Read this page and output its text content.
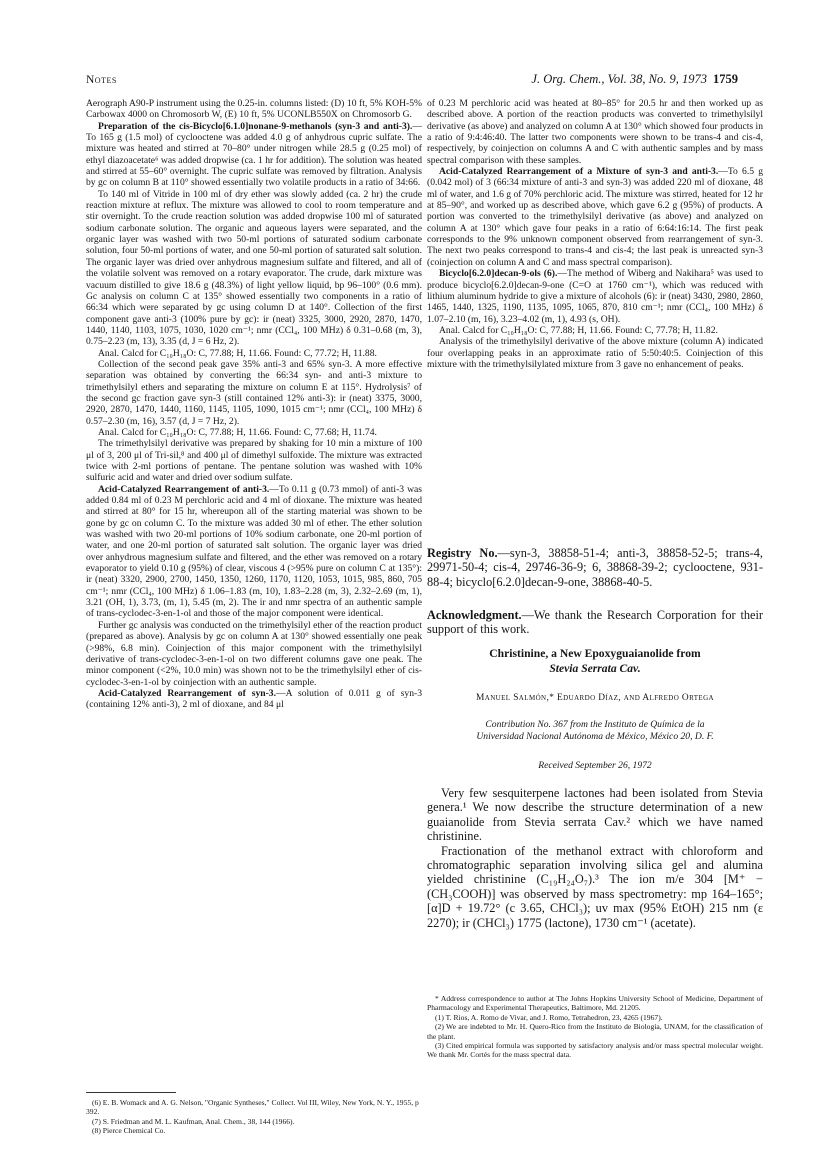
Notes	J. Org. Chem., Vol. 38, No. 9, 1973 1759

Aerograph A90-P instrument using the 0.25-in. columns listed: (D) 10 ft, 5% KOH-5% Carbowax 4000 on Chromosorb W, (E) 10 ft, 5% UCONLB550X on Chromosorb G.

Preparation of the cis-Bicyclo[6.1.0]nonane-9-methanols (syn-3 and anti-3).—To 165 g (1.5 mol) of cyclooctene was added 4.0 g of anhydrous cupric sulfate. The mixture was heated and stirred at 70–80° under nitrogen while 28.5 g (0.25 mol) of ethyl diazoacetate⁶ was added dropwise (ca. 1 hr for addition). The solution was heated and stirred at 55–60° overnight. The cupric sulfate was removed by filtration. Analysis by gc on column B at 110° showed essentially two volatile products in a ratio of 34:66.

To 140 ml of Vitride in 100 ml of dry ether was slowly added (ca. 2 hr) the crude reaction mixture at reflux. The mixture was allowed to cool to room temperature and stir overnight. To the crude reaction solution was added dropwise 100 ml of saturated sodium carbonate solution. The organic and aqueous layers were separated, and the organic layer was washed with two 50-ml portions of saturated sodium carbonate solution, four 50-ml portions of water, and one 50-ml portion of saturated salt solution. The organic layer was dried over anhydrous magnesium sulfate and filtered, and all of the volatile solvent was removed on a rotary evaporator. The crude, dark mixture was vacuum distilled to give 18.6 g (48.3%) of light yellow liquid, bp 96–100° (0.6 mm). Gc analysis on column C at 135° showed essentially two components in a ratio of 66:34 which were separated by gc using column D at 140°. Collection of the first component gave anti-3 (100% pure by gc): ir (neat) 3325, 3000, 2920, 2870, 1470, 1440, 1140, 1103, 1075, 1030, 1020 cm⁻¹; nmr (CCl₄, 100 MHz) δ 0.31–0.68 (m, 3), 0.75–2.23 (m, 13), 3.35 (d, J = 6 Hz, 2).

Anal. Calcd for C₁₀H₁₈O: C, 77.88; H, 11.66. Found: C, 77.72; H, 11.88.

Collection of the second peak gave 35% anti-3 and 65% syn-3. A more effective separation was obtained by converting the 66:34 syn- and anti-3 mixture to trimethylsilyl ethers and separating the mixture on column E at 115°. Hydrolysis⁷ of the second gc fraction gave syn-3 (still contained 12% anti-3): ir (neat) 3375, 3000, 2920, 2870, 1470, 1440, 1160, 1145, 1105, 1090, 1015 cm⁻¹; nmr (CCl₄, 100 MHz) δ 0.57–2.30 (m, 16), 3.57 (d, J = 7 Hz, 2).

Anal. Calcd for C₁₀H₁₈O: C, 77.88; H, 11.66. Found: C, 77.68; H, 11.74.

The trimethylsilyl derivative was prepared by shaking for 10 min a mixture of 100 μl of 3, 200 μl of Tri-sil,⁸ and 400 μl of dimethyl sulfoxide. The mixture was extracted twice with 2-ml portions of pentane. The pentane solution was washed with 10% sulfuric acid and water and dried over sodium sulfate.

Acid-Catalyzed Rearrangement of anti-3.—To 0.11 g (0.73 mmol) of anti-3 was added 0.84 ml of 0.23 M perchloric acid and 4 ml of dioxane. The mixture was heated and stirred at 80° for 15 hr, whereupon all of the starting material was shown to be gone by gc on column C. To the mixture was added 30 ml of ether. The ether solution was washed with two 20-ml portions of 10% sodium carbonate, one 20-ml portion of water, and one 20-ml portion of saturated salt solution. The organic layer was dried over anhydrous magnesium sulfate and filtered, and the ether was removed on a rotary evaporator to yield 0.10 g (95%) of clear, viscous 4 (>95% pure on column C at 135°): ir (neat) 3320, 2900, 2700, 1450, 1350, 1260, 1170, 1120, 1053, 1015, 985, 860, 705 cm⁻¹; nmr (CCl₄, 100 MHz) δ 1.06–1.83 (m, 10), 1.83–2.28 (m, 3), 2.32–2.69 (m, 1), 3.21 (OH, 1), 3.73, (m, 1), 5.45 (m, 2). The ir and nmr spectra of an authentic sample of trans-cyclodec-3-en-1-ol and those of the major component were identical.

Further gc analysis was conducted on the trimethylsilyl ether of the reaction product (prepared as above). Analysis by gc on column A at 130° showed essentially one peak (>98%, 6.8 min). Coinjection of this major component with the trimethylsilyl derivative of trans-cyclodec-3-en-1-ol on two different columns gave one peak. The minor component (<2%, 10.0 min) was shown not to be the trimethylsilyl ether of cis-cyclodec-3-en-1-ol by coinjection with an authentic sample.

Acid-Catalyzed Rearrangement of syn-3.—A solution of 0.011 g of syn-3 (containing 12% anti-3), 2 ml of dioxane, and 84 μl

(6) E. B. Womack and A. G. Nelson, "Organic Syntheses," Collect. Vol III, Wiley, New York, N. Y., 1955, p 392.
(7) S. Friedman and M. L. Kaufman, Anal. Chem., 38, 144 (1966).
(8) Pierce Chemical Co.

of 0.23 M perchloric acid was heated at 80–85° for 20.5 hr and then worked up as described above. A portion of the reaction products was converted to trimethylsilyl derivative (as above) and analyzed on column A at 130° which showed four products in a ratio of 9:4:46:40. The latter two components were shown to be trans-4 and cis-4, respectively, by coinjection on columns A and C with authentic samples and by mass spectral comparison with these samples.

Acid-Catalyzed Rearrangement of a Mixture of syn-3 and anti-3.—To 6.5 g (0.042 mol) of 3 (66:34 mixture of anti-3 and syn-3) was added 220 ml of dioxane, 48 ml of water, and 1.6 g of 70% perchloric acid. The mixture was stirred, heated for 12 hr at 85–90°, and worked up as described above, which gave 6.2 g (95%) of products. A portion was converted to the trimethylsilyl derivative (as above) and analyzed on column A at 130° which gave four peaks in a ratio of 6:64:16:14. The first peak corresponds to the 9% unknown component observed from rearrangement of syn-3. The next two peaks correspond to trans-4 and cis-4; the last peak is unreacted syn-3 (coinjection on column A and C and mass spectral comparison).

Bicyclo[6.2.0]decan-9-ols (6).—The method of Wiberg and Nakihara⁵ was used to produce bicyclo[6.2.0]decan-9-one (C=O at 1760 cm⁻¹), which was reduced with lithium aluminum hydride to give a mixture of alcohols (6): ir (neat) 3430, 2980, 2860, 1465, 1440, 1325, 1190, 1135, 1095, 1065, 870, 810 cm⁻¹; nmr (CCl₄, 100 MHz) δ 1.07–2.10 (m, 16), 3.23–4.02 (m, 1), 4.93 (s, OH).

Anal. Calcd for C₁₀H₁₈O: C, 77.88; H, 11.66. Found: C, 77.78; H, 11.82.

Analysis of the trimethylsilyl derivative of the above mixture (column A) indicated four overlapping peaks in an approximate ratio of 5:50:40:5. Coinjection of this mixture with the trimethylsilylated mixture from 3 gave no enhancement of peaks.

Registry No.—syn-3, 38858-51-4; anti-3, 38858-52-5; trans-4, 29971-50-4; cis-4, 29746-36-9; 6, 38868-39-2; cyclooctene, 931-88-4; bicyclo[6.2.0]decan-9-one, 38868-40-5.

Acknowledgment.—We thank the Research Corporation for their support of this work.

Christinine, a New Epoxyguaianolide from
Stevia Serrata Cav.
Manuel Salmón,* Eduardo Díaz, and Alfredo Ortega
Contribution No. 367 from the Instituto de Química de la
Universidad Nacional Autónoma de México, México 20, D. F.
Received September 26, 1972

Very few sesquiterpene lactones had been isolated from Stevia genera.¹ We now describe the structure determination of a new guaianolide from Stevia serrata Cav.² which we have named christinine.

Fractionation of the methanol extract with chloroform and chromatographic separation involving silica gel and alumina yielded christinine (C₁₉H₂₄O₇).³ The ion m/e 304 [M⁺ − (CH₃COOH)] was observed by mass spectrometry: mp 164–165°; [α]D + 19.72° (c 3.65, CHCl₃); uv max (95% EtOH) 215 nm (ε 2270); ir (CHCl₃) 1775 (lactone), 1730 cm⁻¹ (acetate).

* Address correspondence to author at The Johns Hopkins University School of Medicine, Department of Pharmacology and Experimental Therapeutics, Baltimore, Md. 21205.
(1) T. Rios, A. Romo de Vivar, and J. Romo, Tetrahedron, 23, 4265 (1967).
(2) We are indebted to Mr. H. Quero-Rico from the Instituto de Biología, UNAM, for the classification of the plant.
(3) Cited empirical formula was supported by satisfactory analysis and/or mass spectral molecular weight. We thank Mr. Cortés for the mass spectral data.
